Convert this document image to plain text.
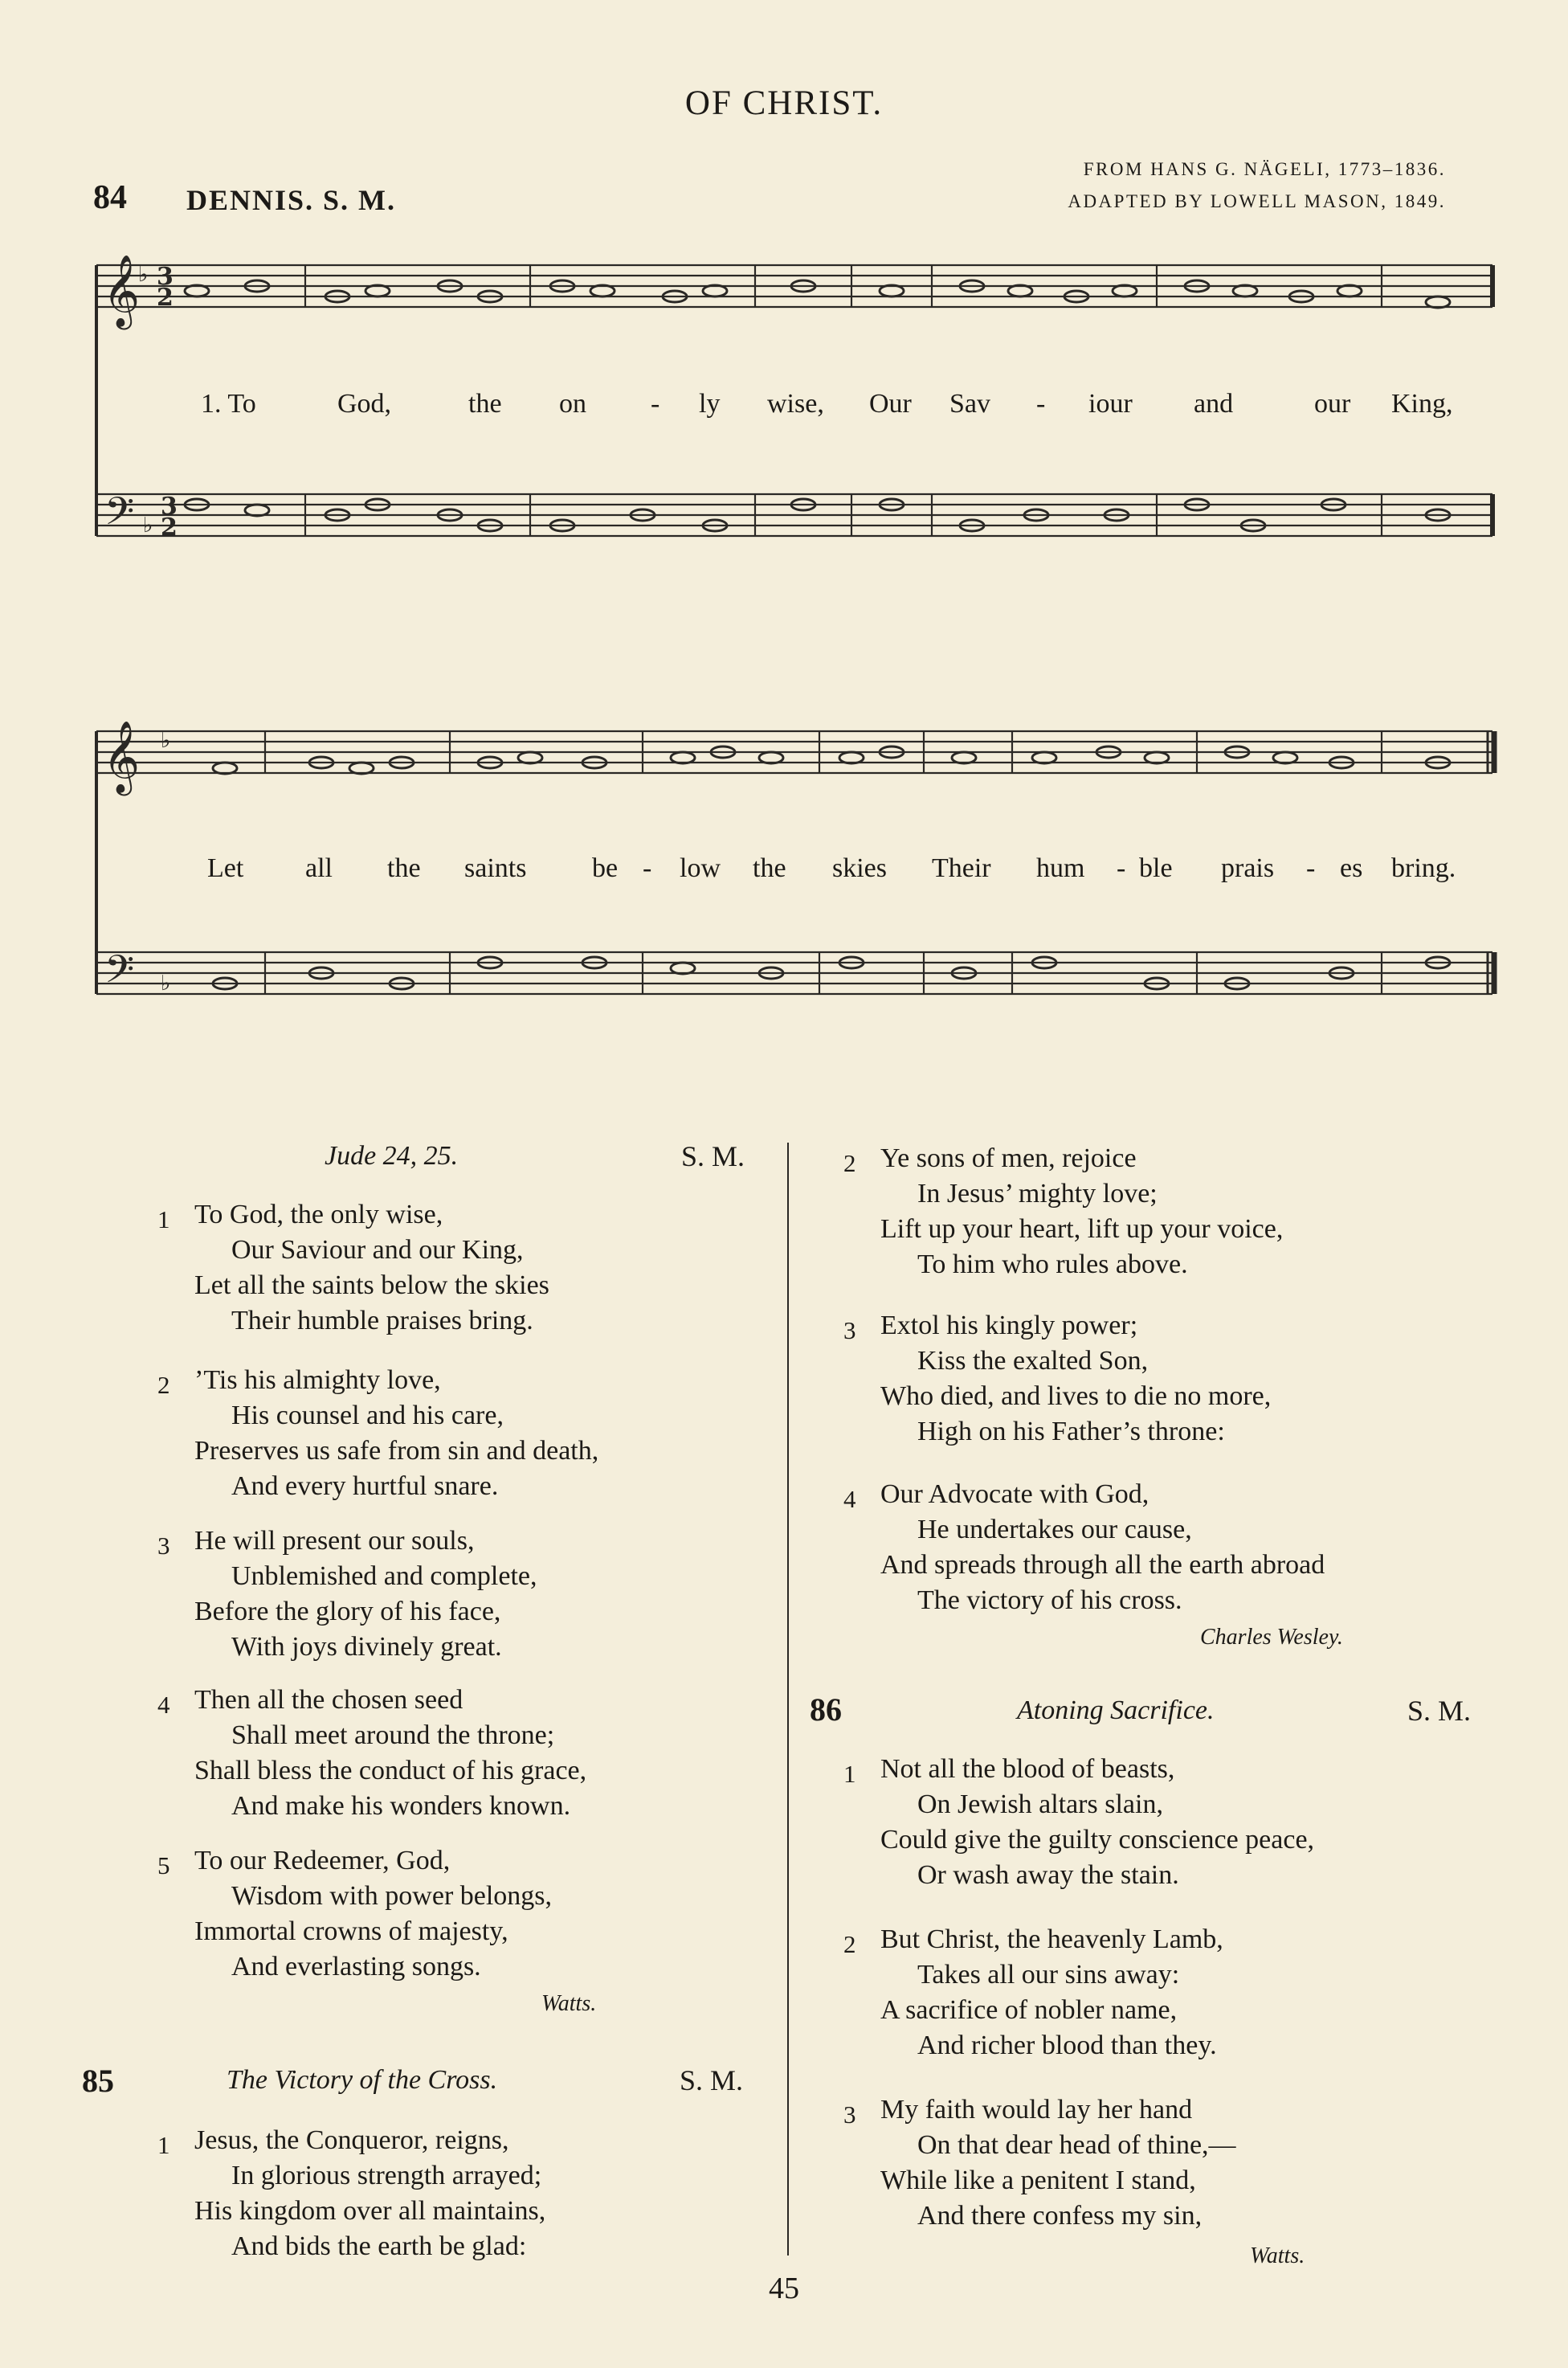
OF CHRIST.
84 DENNIS. S. M.
FROM HANS G. NÄGELI, 1773–1836.
ADAPTED BY LOWELL MASON, 1849.
𝄞
𝄢
3
2
3
2
♭
♭
1. To	God,	the on - ly wise, Our Sav - iour and	our King,
𝄞
𝄢
♭
♭
Let all the saints be - low the skies Their hum - ble prais - es bring.
Jude 24, 25.	S. M.
1 To God, the only wise,
Our Saviour and our King,
Let all the saints below the skies
Their humble praises bring.
2 ’Tis his almighty love,
His counsel and his care,
Preserves us safe from sin and death,
And every hurtful snare.
3 He will present our souls,
Unblemished and complete,
Before the glory of his face,
With joys divinely great.
4 Then all the chosen seed
Shall meet around the throne;
Shall bless the conduct of his grace,
And make his wonders known.
5 To our Redeemer, God,
Wisdom with power belongs,
Immortal crowns of majesty,
And everlasting songs.
Watts.
85	The Victory of the Cross.	S. M.
1 Jesus, the Conqueror, reigns,
In glorious strength arrayed;
His kingdom over all maintains,
And bids the earth be glad:
2 Ye sons of men, rejoice
In Jesus’ mighty love;
Lift up your heart, lift up your voice,
To him who rules above.
3 Extol his kingly power;
Kiss the exalted Son,
Who died, and lives to die no more,
High on his Father’s throne:
4 Our Advocate with God,
He undertakes our cause,
And spreads through all the earth abroad
The victory of his cross.
Charles Wesley.
86	Atoning Sacrifice.	S. M.
1 Not all the blood of beasts,
On Jewish altars slain,
Could give the guilty conscience peace,
Or wash away the stain.
2 But Christ, the heavenly Lamb,
Takes all our sins away:
A sacrifice of nobler name,
And richer blood than they.
3 My faith would lay her hand
On that dear head of thine,—
While like a penitent I stand,
And there confess my sin,
Watts.
45
